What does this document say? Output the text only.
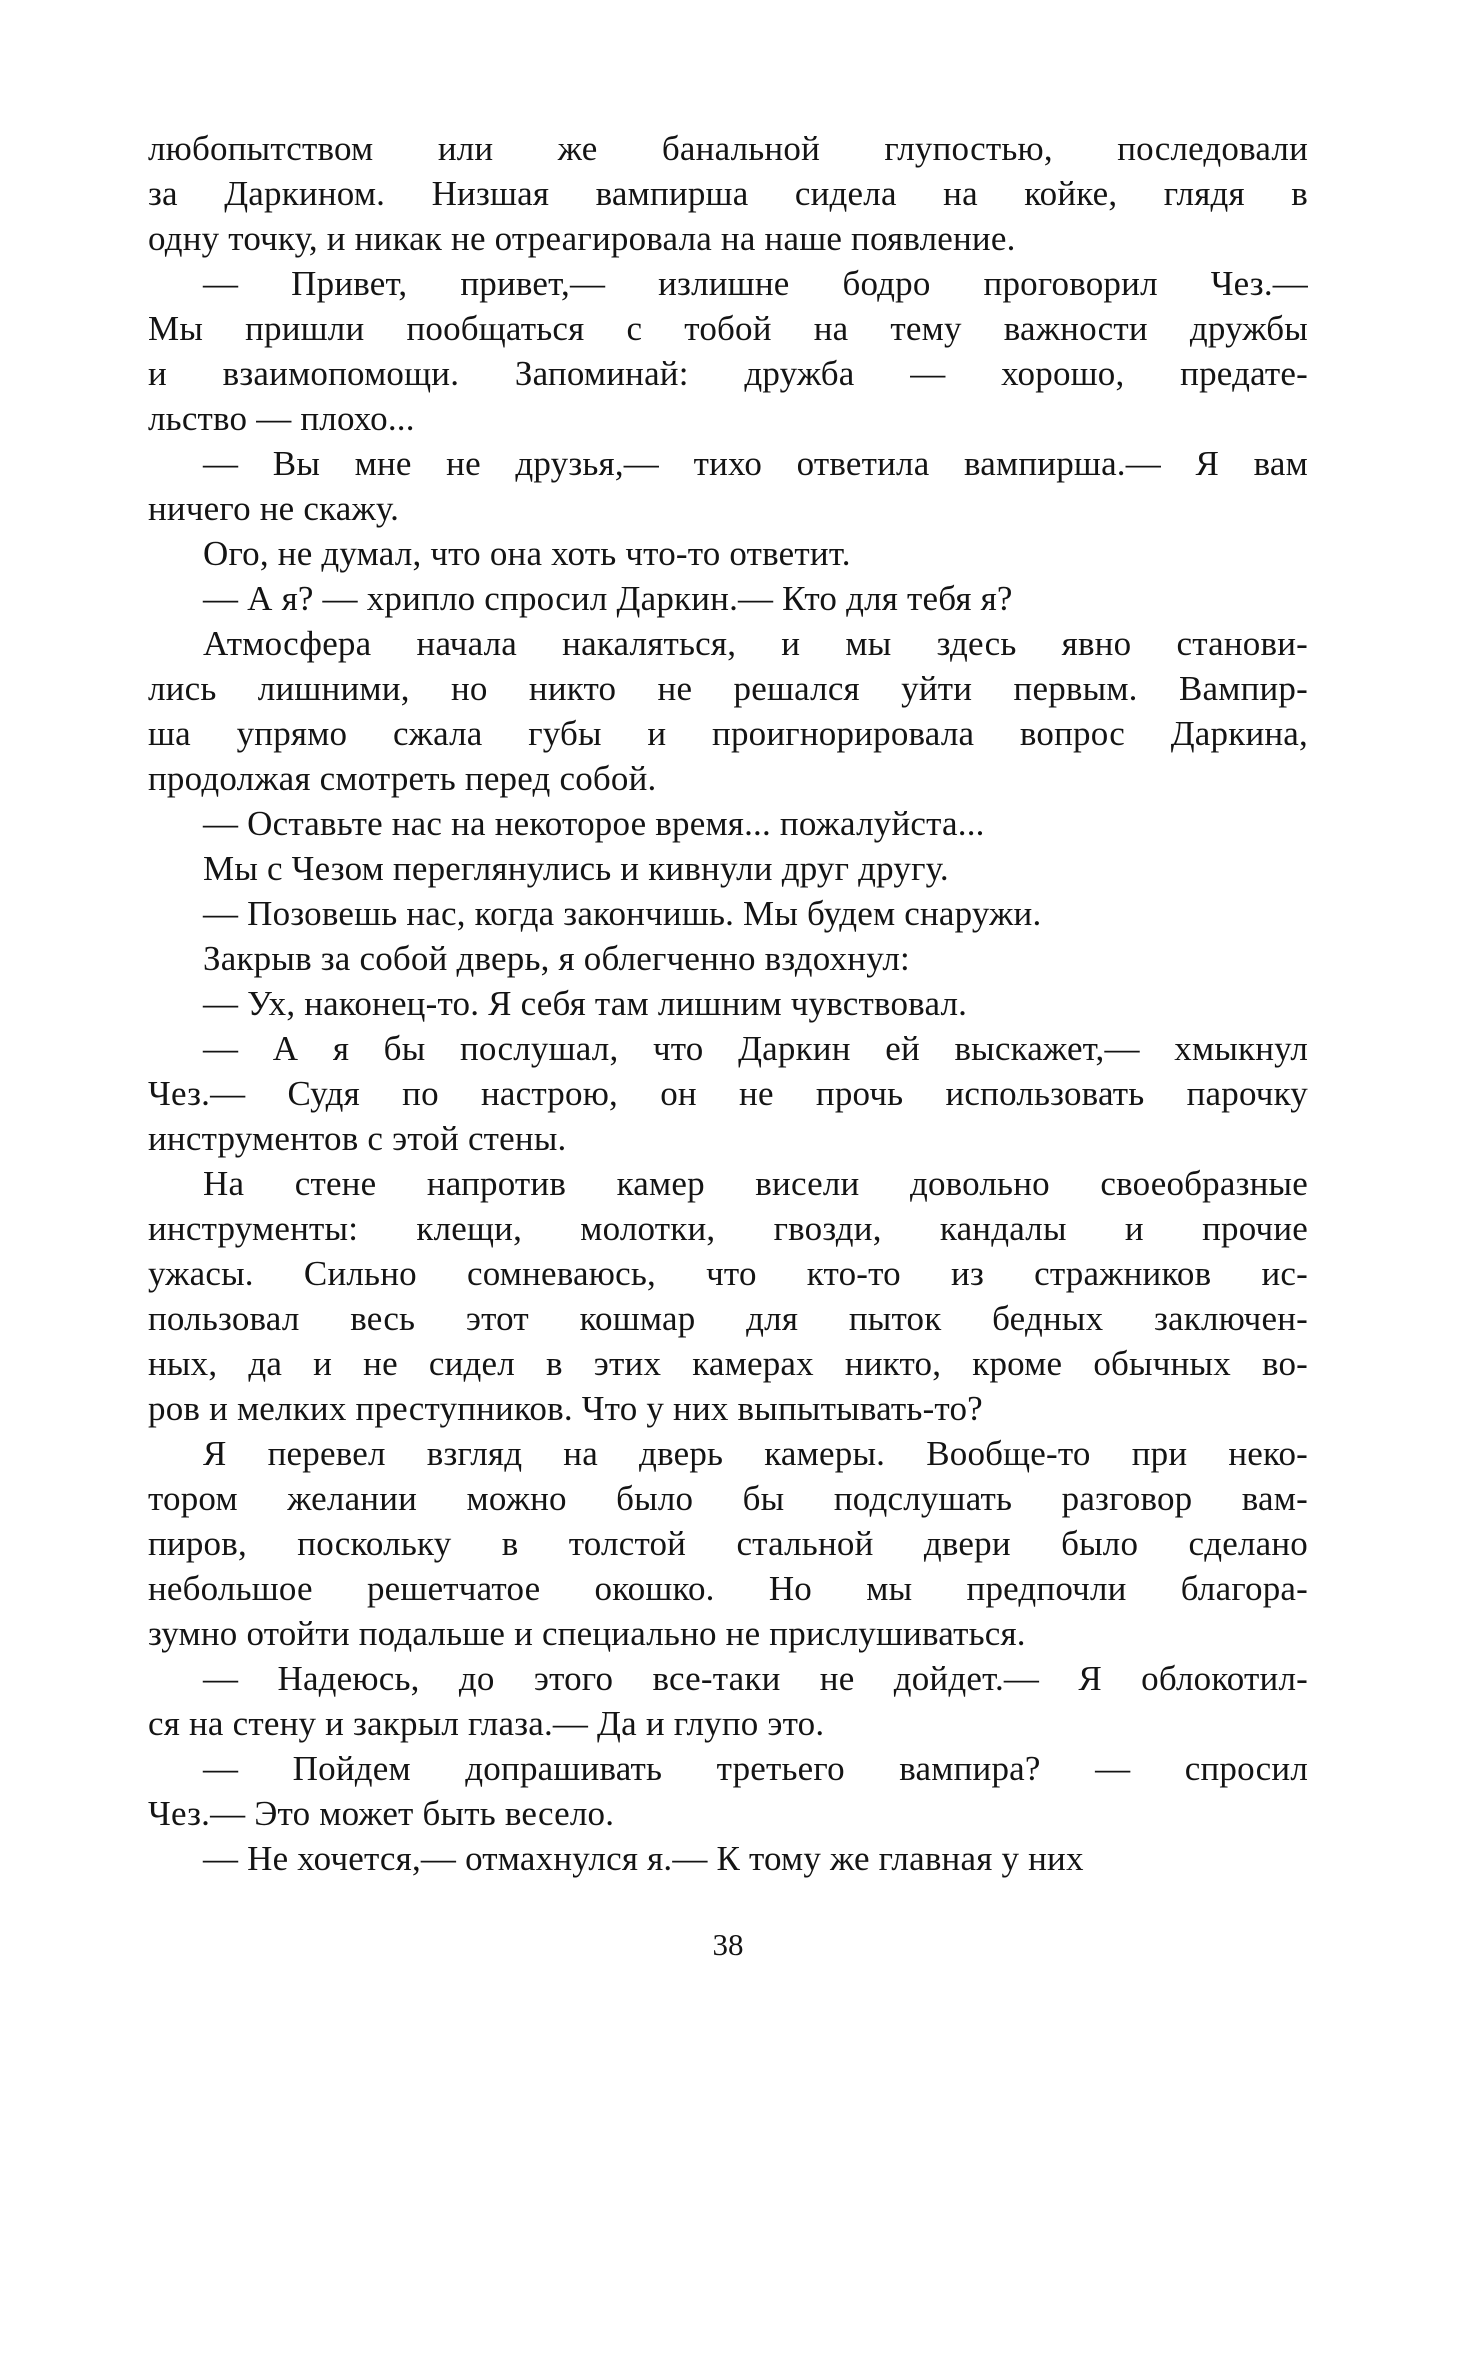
любопытством или же банальной глупостью, последовали
за Даркином. Низшая вампирша сидела на койке, глядя в
одну точку, и никак не отреагировала на наше появление.
— Привет, привет,— излишне бодро проговорил Чез.—
Мы пришли пообщаться с тобой на тему важности дружбы
и взаимопомощи. Запоминай: дружба — хорошо, предате-
льство — плохо...
— Вы мне не друзья,— тихо ответила вампирша.— Я вам
ничего не скажу.
Ого, не думал, что она хоть что-то ответит.
— А я? — хрипло спросил Даркин.— Кто для тебя я?
Атмосфера начала накаляться, и мы здесь явно станови-
лись лишними, но никто не решался уйти первым. Вампир-
ша упрямо сжала губы и проигнорировала вопрос Даркина,
продолжая смотреть перед собой.
— Оставьте нас на некоторое время... пожалуйста...
Мы с Чезом переглянулись и кивнули друг другу.
— Позовешь нас, когда закончишь. Мы будем снаружи.
Закрыв за собой дверь, я облегченно вздохнул:
— Ух, наконец-то. Я себя там лишним чувствовал.
— А я бы послушал, что Даркин ей выскажет,— хмыкнул
Чез.— Судя по настрою, он не прочь использовать парочку
инструментов с этой стены.
На стене напротив камер висели довольно своеобразные
инструменты: клещи, молотки, гвозди, кандалы и прочие
ужасы. Сильно сомневаюсь, что кто-то из стражников ис-
пользовал весь этот кошмар для пыток бедных заключен-
ных, да и не сидел в этих камерах никто, кроме обычных во-
ров и мелких преступников. Что у них выпытывать-то?
Я перевел взгляд на дверь камеры. Вообще-то при неко-
тором желании можно было бы подслушать разговор вам-
пиров, поскольку в толстой стальной двери было сделано
небольшое решетчатое окошко. Но мы предпочли благора-
зумно отойти подальше и специально не прислушиваться.
— Надеюсь, до этого все-таки не дойдет.— Я облокотил-
ся на стену и закрыл глаза.— Да и глупо это.
— Пойдем допрашивать третьего вампира? — спросил
Чез.— Это может быть весело.
— Не хочется,— отмахнулся я.— К тому же главная у них
38
